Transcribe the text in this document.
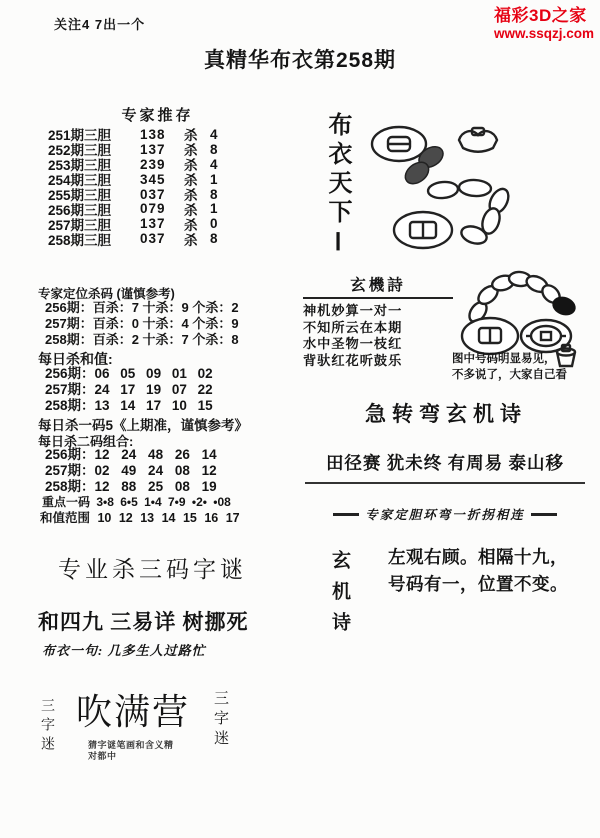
关注4 7出一个	福彩3D之家
www.ssqzj.com
真精华布衣第258期
专家推存
251期三胆	138	杀 4
252期三胆	137	杀 8
253期三胆	239	杀 4
254期三胆	345	杀 1
255期三胆	037	杀 8
256期三胆	079	杀 1
257期三胆	137	杀 0
258期三胆	037	杀 8
专家定位杀码 (谨慎参考)
256期：百杀：7 十杀：9 个杀：2
257期：百杀：0 十杀：4 个杀：9
258期：百杀：2 十杀：7 个杀：8
每日杀和值:
256期：06 05 09 01 02
257期：24 17 19 07 22
258期：13 14 17 10 15
每日杀一码5《上期准，谨慎参考》
每日杀二码组合:
256期：12 24 48 26 14
257期：02 49 24 08 12
258期：12 88 25 08 19
重点一码 3•8 6•5 1•4 7•9 •2• •08
和值范围 10 12 13 14 15 16 17
专业杀三码字谜
和四九 三易详 树挪死
布衣一句: 几多生人过路忙
三字迷 吹满营 三字迷
猜字谜笔画和含义精
对都中
布衣天下Ⅰ
玄機詩
神机妙算一对一
不知所云在本期
水中圣物一枝红
背驮红花听鼓乐	图中号码明显易见，
不多说了，大家自己看
急转弯玄机诗
田径赛 犹未终 有周易 泰山移
专家定胆环弯一折拐相连
玄机诗 左观右顾。相隔十九，
号码有一，位置不变。
